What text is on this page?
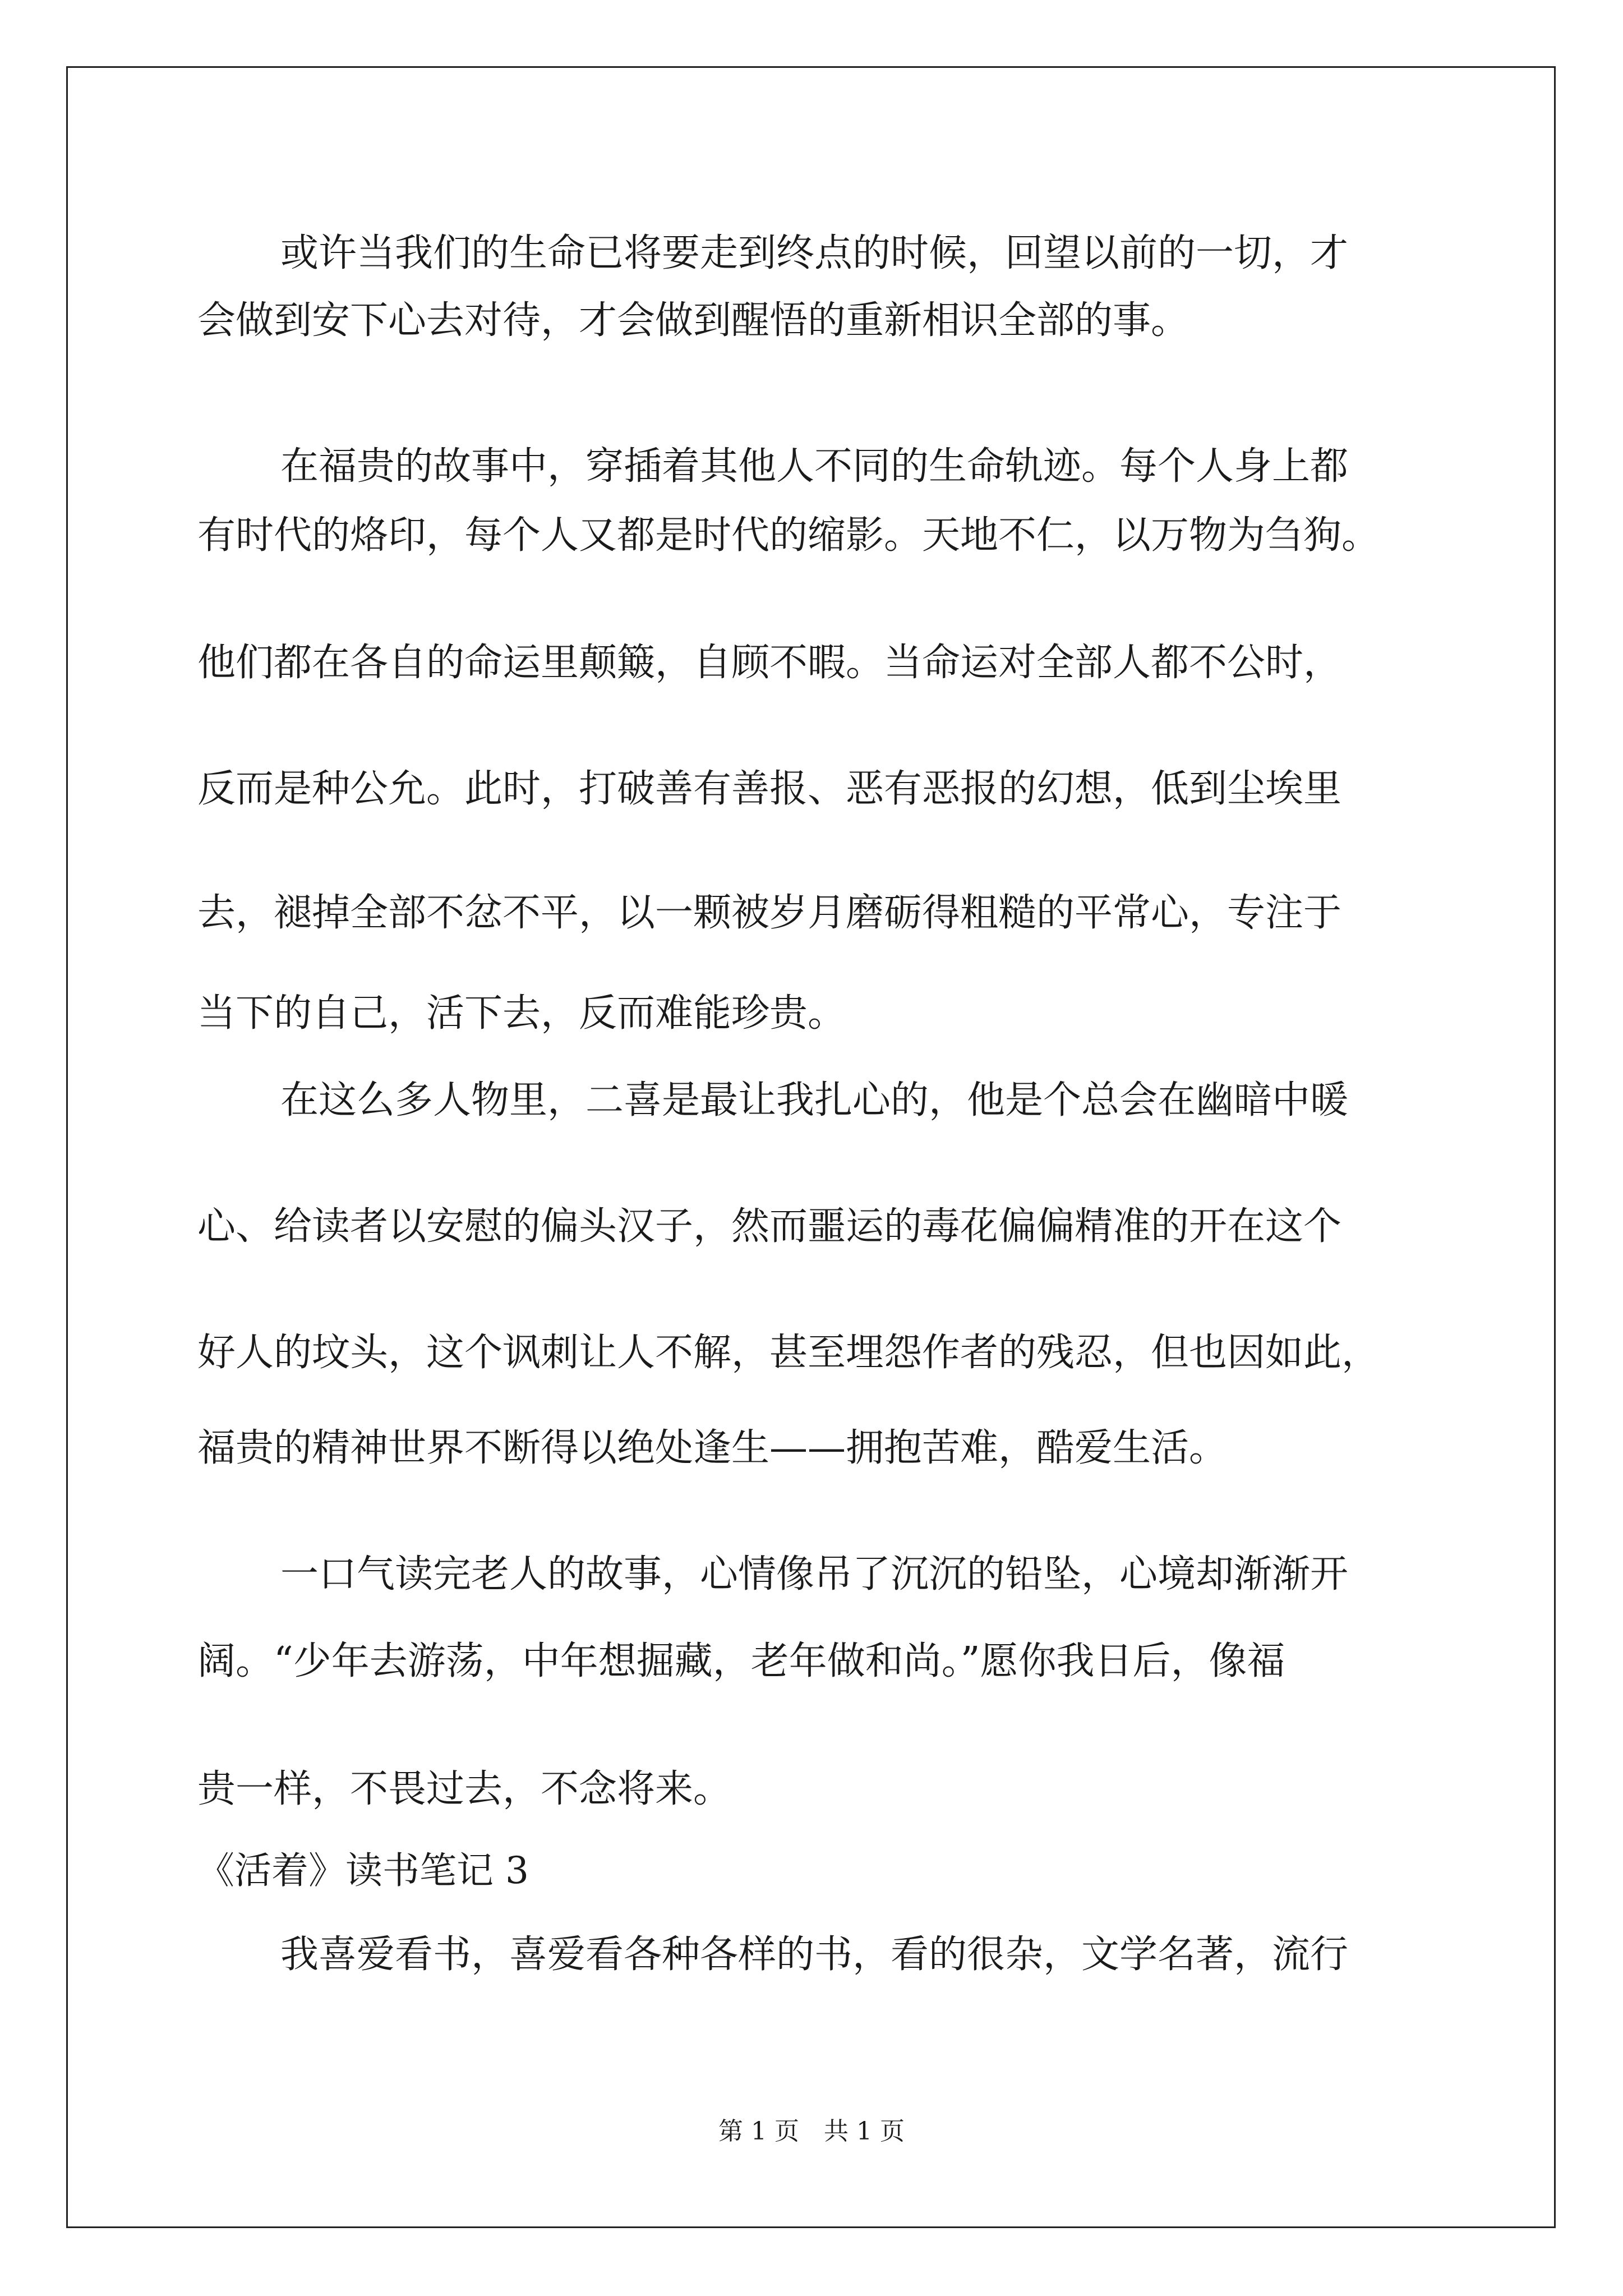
或许当我们的生命已将要走到终点的时候，回望以前的一切，才
会做到安下心去对待，才会做到醒悟的重新相识全部的事。
在福贵的故事中，穿插着其他人不同的生命轨迹。每个人身上都
有时代的烙印，每个人又都是时代的缩影。天地不仁，以万物为刍狗。
他们都在各自的命运里颠簸，自顾不暇。当命运对全部人都不公时，
反而是种公允。此时，打破善有善报、恶有恶报的幻想，低到尘埃里
去，褪掉全部不忿不平，以一颗被岁月磨砺得粗糙的平常心，专注于
当下的自己，活下去，反而难能珍贵。
在这么多人物里，二喜是最让我扎心的，他是个总会在幽暗中暖
心、给读者以安慰的偏头汉子，然而噩运的毒花偏偏精准的开在这个
好人的坟头，这个讽刺让人不解，甚至埋怨作者的残忍，但也因如此，
福贵的精神世界不断得以绝处逢生——拥抱苦难，酷爱生活。
一口气读完老人的故事，心情像吊了沉沉的铅坠，心境却渐渐开
阔。“少年去游荡，中年想掘藏，老年做和尚。”愿你我日后，像福
贵一样，不畏过去，不念将来。
《活着》读书笔记 3
我喜爱看书，喜爱看各种各样的书，看的很杂，文学名著，流行
第 1 页　共 1 页
